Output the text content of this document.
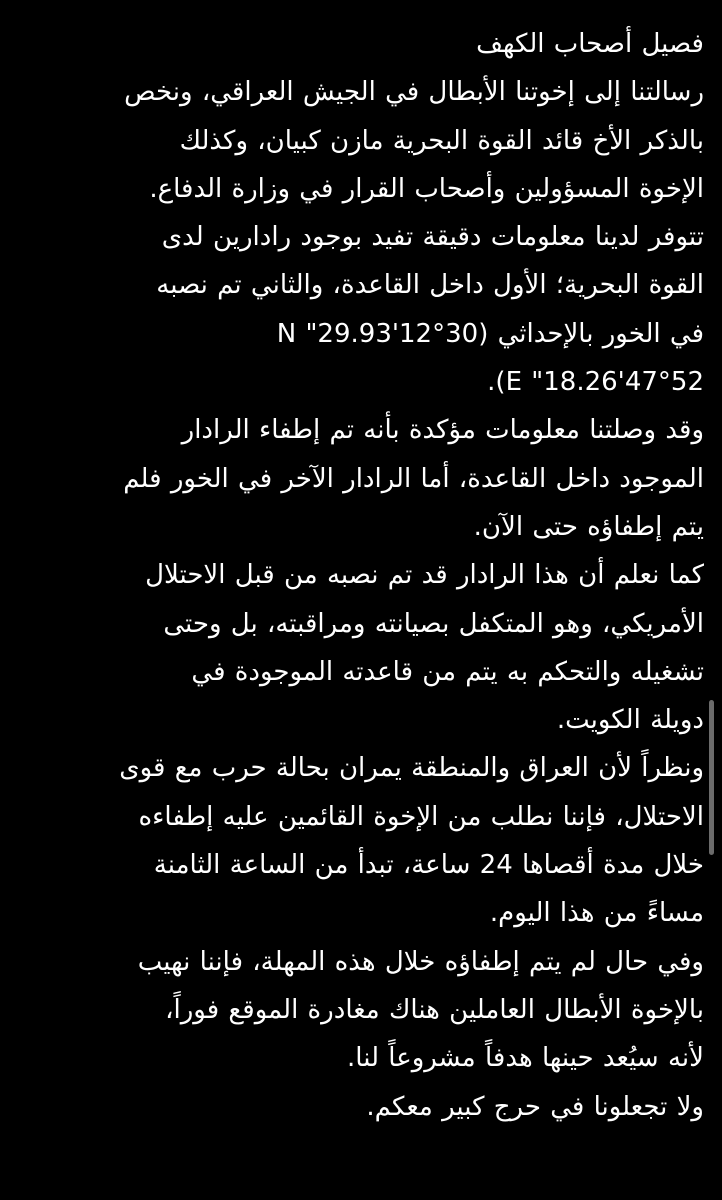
فصيل أصحاب الكهف
رسالتنا إلى إخوتنا الأبطال في الجيش العراقي، ونخص
بالذكر الأخ قائد القوة البحرية مازن كبيان، وكذلك
الإخوة المسؤولين وأصحاب القرار في وزارة الدفاع.
تتوفر لدينا معلومات دقيقة تفيد بوجود رادارين لدى
القوة البحرية؛ الأول داخل القاعدة، والثاني تم نصبه
في الخور بالإحداثي (30°12'29.93" N
47°52'18.26" E).
وقد وصلتنا معلومات مؤكدة بأنه تم إطفاء الرادار
الموجود داخل القاعدة، أما الرادار الآخر في الخور فلم
يتم إطفاؤه حتى الآن.
كما نعلم أن هذا الرادار قد تم نصبه من قبل الاحتلال
الأمريكي، وهو المتكفل بصيانته ومراقبته، بل وحتى
تشغيله والتحكم به يتم من قاعدته الموجودة في
دويلة الكويت.
ونظراً لأن العراق والمنطقة يمران بحالة حرب مع قوى
الاحتلال، فإننا نطلب من الإخوة القائمين عليه إطفاءه
خلال مدة أقصاها 24 ساعة، تبدأ من الساعة الثامنة
مساءً من هذا اليوم.
وفي حال لم يتم إطفاؤه خلال هذه المهلة، فإننا نهيب
بالإخوة الأبطال العاملين هناك مغادرة الموقع فوراً،
لأنه سيُعد حينها هدفاً مشروعاً لنا.
ولا تجعلونا في حرج كبير معكم.
